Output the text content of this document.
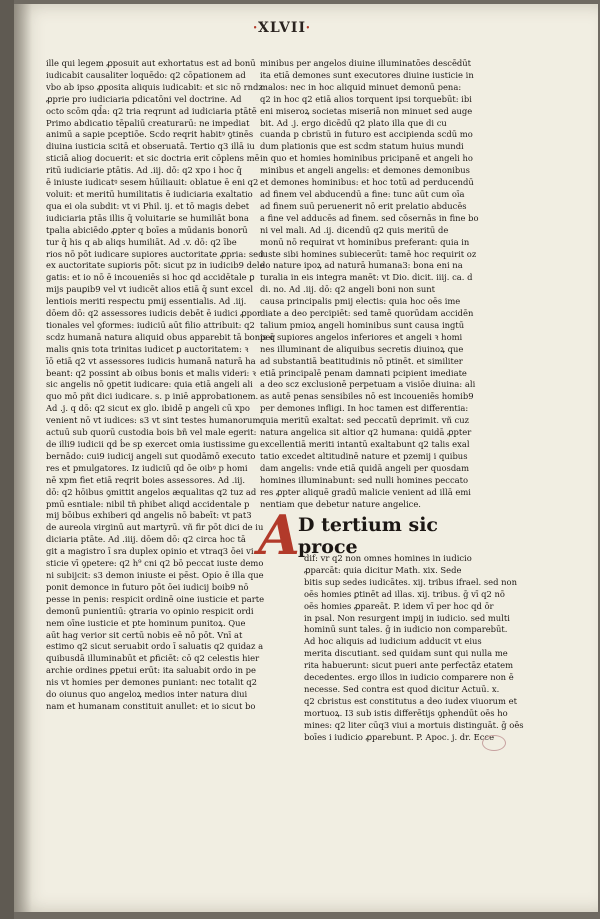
⸱XLVII⸱
ille qui legem ꝓposuit aut exhortatus est ad bonū
iudicabit causaliter loquēdo: q2 cōpationem ad
vbo ab ipso ꝓposita aliquis iudicabit: et sic nō rndz
ꝓprie pro iudiciaria pdicatōni vel doctrine. Ad
octo scōm qd̄a: q2 tria reqrunt ad iudiciaria ptātē
Primo abdicatio tēpaliū creaturarū: ne impediat
animū a sapie pceptiōe. Scdo reqrit habitꝰ ꝯtinēs
diuina iusticia scitā et obseruatā. Tertio q3 illā iu
sticiā aliog docuerit: et sic doctria erit cōplens mē
ritū iudiciarie ptātis. Ad .iij. dō: q2 xpo i hoc q̄
ē iniuste iudicatꝰ sesem hūiliauit: oblatue ē eni q2
voluit: et meritū humilitatis ē iudiciaria exaltatio
qua ei ola subdit: vt vi Phil. ij. et tō magis debet
iudiciaria ptās illis q̄ voluitarie se humiliāt bona
tpalia abiciēdo ꝓpter q boīes a mūdanis bonorū
tur q̄ his q ab aliqs humiliāt. Ad .v. dō: q2 ībe
rios nō pōt iudicare supiores auctoritate ꝓpria: sed
ex auctoritate suꝑioris pōt: sicut pz in iudicib9 dele
gatis: et io nō ē incoueniēs si hoc qd accidētale ꝑ
mijs pauꝑib9 vel vt iudicēt alios etiā q̄ sunt excel
lentiois meriti respectu pmij essentialis. Ad .iij.
dōem dō: q2 assessores iudicis debēt ē iudici ꝓpor
tionales vel ꝯformes: iudiciū aūt filio attribuit: q2
scdz humanā natura aliquid obus apparebit tā bonis q̄
malis qnis tota trinitas iudicet ꝑ auctoritatem: ꝛ
īō etiā q2 vt assessores iudicis humanā naturā ha
beant: q2 possint ab oibus bonis et malis videri: ꝛ
sic angelis nō ꝯpetit iudicare: quia etiā angeli ali
quo mō pñt dici iudicare. s. p iniē approbationem.
Ad .j. q dō: q2 sicut ex glo. ibidē p angeli cū xpo
venient nō vt iudices: s3 vt sint testes humanorum
actuū sub quorū custodia bois bñ vel male egerit:
de illi9 iudicii qd ḃe sp exercet omia iustissime gu
bernādo: cui9 iudicij angeli sut quodāmō executo
res et pmulgatores. Iz iudiciū qd ōe oibꝰ p homi
nē xpm fiet etiā reqrit boies assessores. Ad .iij.
dō: q2 hōibus ꝯmittit angelos æqualitas q2 tuz ad
pmū esntiale: nibil tñ phibet aliqd accidentale p
mij bōibus exhiberi qd angelis nō babeīt: vt pat3
de aureola virginū aut martyrū. vñ fir pōt dici de iu
diciaria ptāte. Ad .iiij. dōem dō: q2 circa hoc tā
git a magistro ī sra duplex opinio et vtraq3 ōei vi
sticie vī ꝯpetere: q2 h⁹ cni q2 bō peccat iuste demo
ni subijcit: s3 demon iniuste ei pēst. Opio ē illa que
ponit demonce in futuro pōt ōei iudicij boib9 nō
pesse in penis: respicit ordinē oine iusticie et parte
demonū punientiū: ꝯtraria vo opinio respicit ordi
nem oīne iusticie et pte hominum punitoꝝ. Que
aūt hag verior sit certū nobis eē nō pōt. Vnī at
estimo q2 sicut seruabit ordo ī saluatis q2 quidaz a
quibusdā illuminabūt et ꝑficiēt: cō q2 celestis hier
archie ordines ꝑpetui erūt: ita saluabit ordo in pe
nis vt homies per demones puniant: nec totalit q2
do oiunus quo angeloꝝ medios inter natura diui
nam et humanam constituit anullet: et io sicut bo
minibus per angelos diuine illuminatōes descēdūt
ita etiā demones sunt executores diuine iusticie in
malos: nec in hoc aliquid minuet demonū pena:
q2 in hoc q2 etiā alios torquent ipsi torquebūt: ibi
eni miseroꝝ societas miseriā non minuet sed auge
bit. Ad .j. ergo dicēdū q2 plato illa que di cu
cuanda p cbristū in futuro est accipienda scdū mo
dum plationis que est scdm statum huius mundi
in quo et homies hominibus pricipanē et angeli ho
minibus et angeli angelis: et demones demonibus
et demones hominibus: et hoc totū ad perducendū
ad finem vel abducendū a fine: tunc aūt cum oīa
ad finem suū peruenerit nō erit prelatio abducēs
a fine vel adducēs ad finem. sed cōsernās in fine bo
ni vel mali. Ad .ij. dicendū q2 quis meritū de
monū nō requirat vt hominibus preferant: quia in
iuste sibi homines subiecerūt: tamē hoc requirit oz
do nature ipoꝝ ad naturā humana3: bona eni na
turalia in eis integra manēt: vt Dio. dicit. iiij. ca. d
di. no. Ad .iij. dō: q2 angeli boni non sunt
causa principalis pmij electis: quia hoc oēs ime
diate a deo percipiēt: sed tamē quorūdam accidēn
talium pmioꝝ angeli hominibus sunt causa ingtū
per supiores angelos inferiores et angeli ꝛ homi
nes illuminant de aliquibus secretis diuinoꝝ que
ad substantiā beatitudinis nō ptinēt. et similiter
etiā principalē penam damnati pcipient imediate
a deo scz exclusionē perpetuam a visiōe diuina: ali
as autē penas sensibiles nō est incoueniēs homib9
per demones infligi. In hoc tamen est differentia:
quia meritū exaltat: sed peccatū deprimit. vñ cuz
natura angelica sit altior q2 humana: quidā ꝓpter
excellentiā meriti intantū exaltabunt q2 talis exal
tatio excedet altitudinē nature et pzemij i quibus
dam angelis: vnde etiā quidā angeli per quosdam
homines illuminabunt: sed nulli homines peccato
res ꝓpter aliquē gradū malicie venient ad illā emi
nentiam que debetur nature angelice.
A
D tertium sic proce
dif: vr q2 non omnes homines in iudicio
ꝓparcāt: quia dicitur Math. xix. Sede
bitis sup sedes iudicātes. xij. tribus ifrael. sed non
oēs homies ꝑtinēt ad illas. xij. tribus. ḡ vī q2 nō
oēs homies ꝓpareāt. P. idem vī per hoc qd ōr
in psal. Non resurgent impij in iudicio. sed multi
hominū sunt tales. ḡ in iudicio non comparebūt.
Ad hoc aliquis ad iudicium adducit vt eius
merita discutiant. sed quidam sunt qui nulla me
rita habuerunt: sicut pueri ante perfectāz etatem
decedentes. ergo illos in iudicio comparere non ē
necesse. Sed contra est quod dicitur Actuū. x.
q2 cbristus est constitutus a deo iudex viuorum et
mortuoꝝ. I3 sub istis differētijs ꝯphendūt oēs ho
mines: q2 liter cūq3 viui a mortuis distinguāt. ḡ oēs
boīes i iudicio ꝓparebunt. P. Apoc. j. dr. Ecce
